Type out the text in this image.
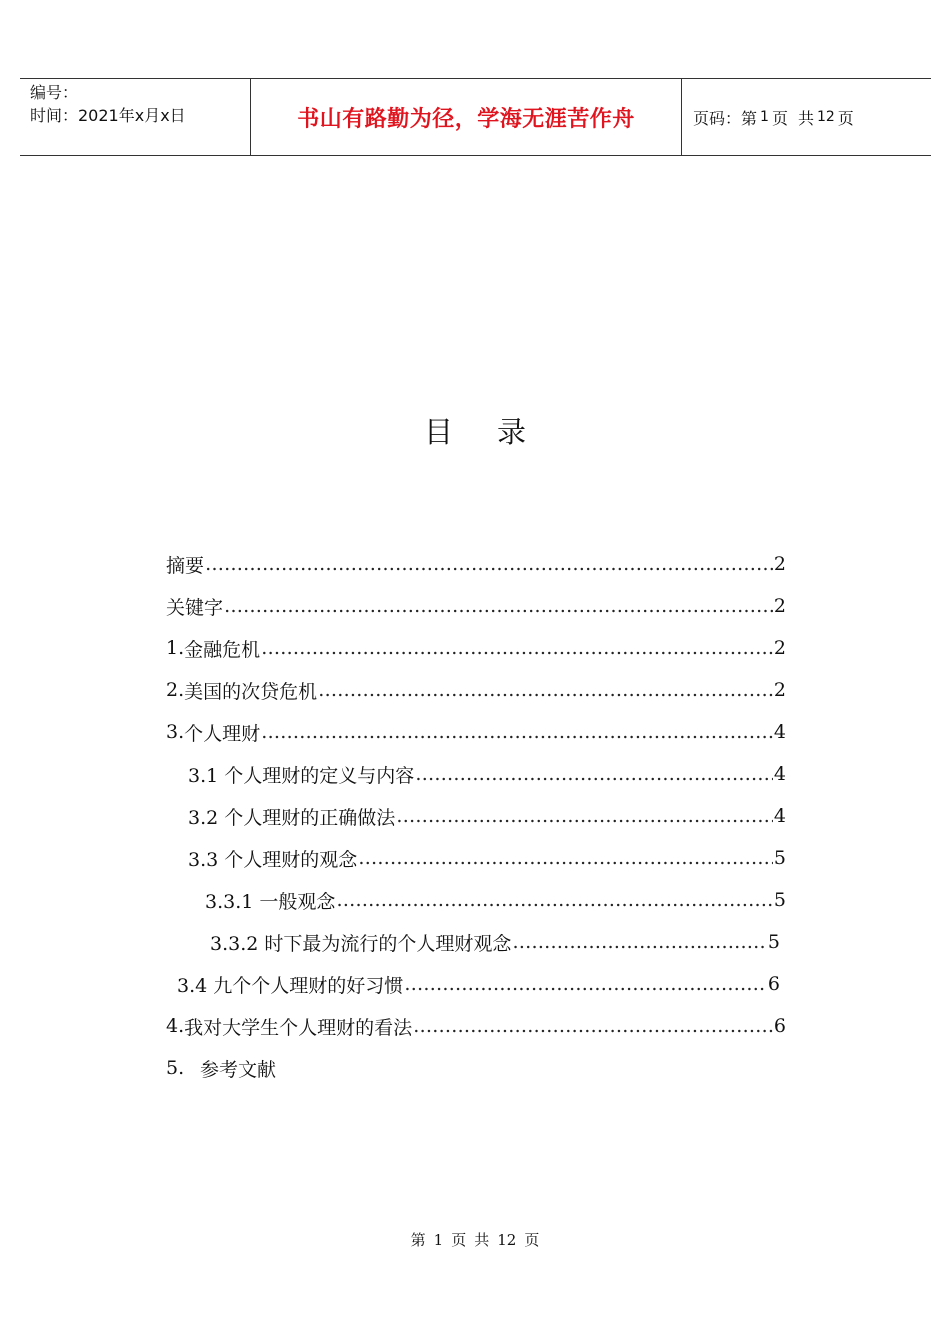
编号：
时间：2021年x月x日	书山有路勤为径，学海无涯苦作舟	页码：第 1 页 共 12 页
目录
摘要 ……………………………………………………………………………………………………………………………………………………………………………………………………………	2
关键字 ……………………………………………………………………………………………………………………………………………………………………………………………………………	2
1. 金融危机 ……………………………………………………………………………………………………………………………………………………………………………………………………………	2
2. 美国的次贷危机 ……………………………………………………………………………………………………………………………………………………………………………………………………………	2
3. 个人理财 ……………………………………………………………………………………………………………………………………………………………………………………………………………	4
3.1 个人理财的定义与内容 ……………………………………………………………………………………………………………………………………………………………………………………………………………	4
3.2 个人理财的正确做法 ……………………………………………………………………………………………………………………………………………………………………………………………………………	4
3.3 个人理财的观念 ……………………………………………………………………………………………………………………………………………………………………………………………………………	5
3.3.1 一般观念 ……………………………………………………………………………………………………………………………………………………………………………………………………………	5
3.3.2 时下最为流行的个人理财观念 ……………………………………………………………………………………………………………………………………………………………………………………………………………	5
3.4 九个个人理财的好习惯 ……………………………………………………………………………………………………………………………………………………………………………………………………………	6
4. 我对大学生个人理财的看法 ……………………………………………………………………………………………………………………………………………………………………………………………………………	6
5. 参考文献
第 1 页 共 12 页
